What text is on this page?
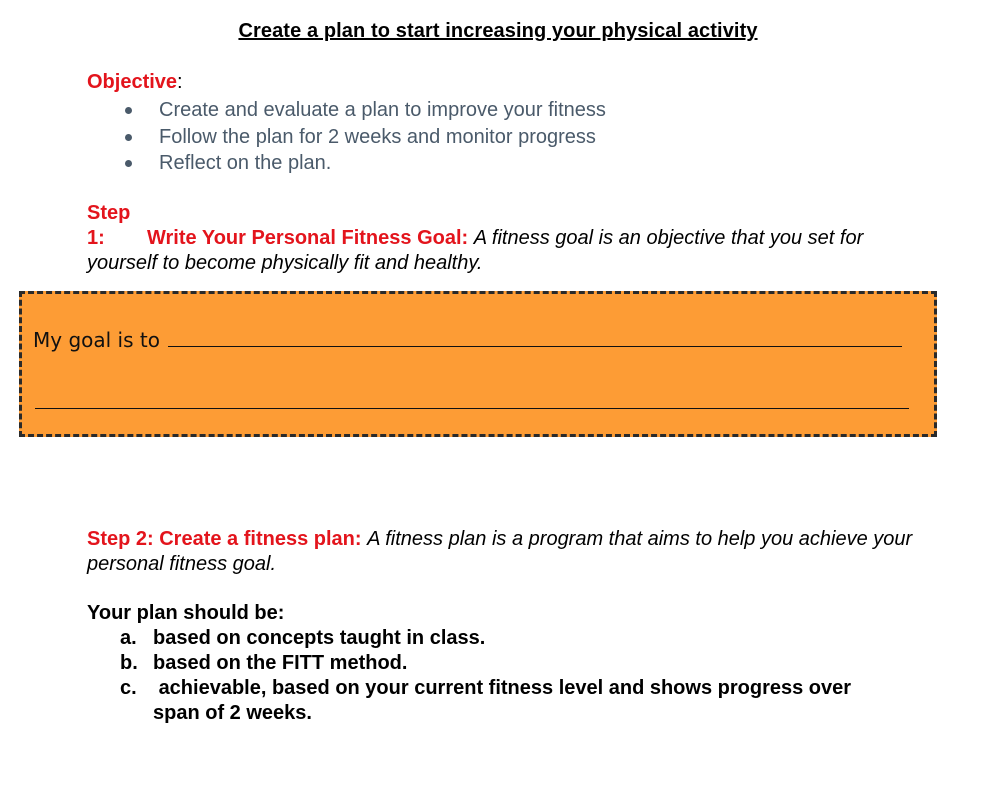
Create a plan to start increasing your physical activity
Objective:
Create and evaluate a plan to improve your fitness
Follow the plan for 2 weeks and monitor progress
Reflect on the plan.
Step 1: Write Your Personal Fitness Goal: A fitness goal is an objective that you set for yourself to become physically fit and healthy.
My goal is to
Step 2: Create a fitness plan: A fitness plan is a program that aims to help you achieve your personal fitness goal.
Your plan should be:
a. based on concepts taught in class.
b. based on the FITT method.
c. achievable, based on your current fitness level and shows progress over span of 2 weeks.
